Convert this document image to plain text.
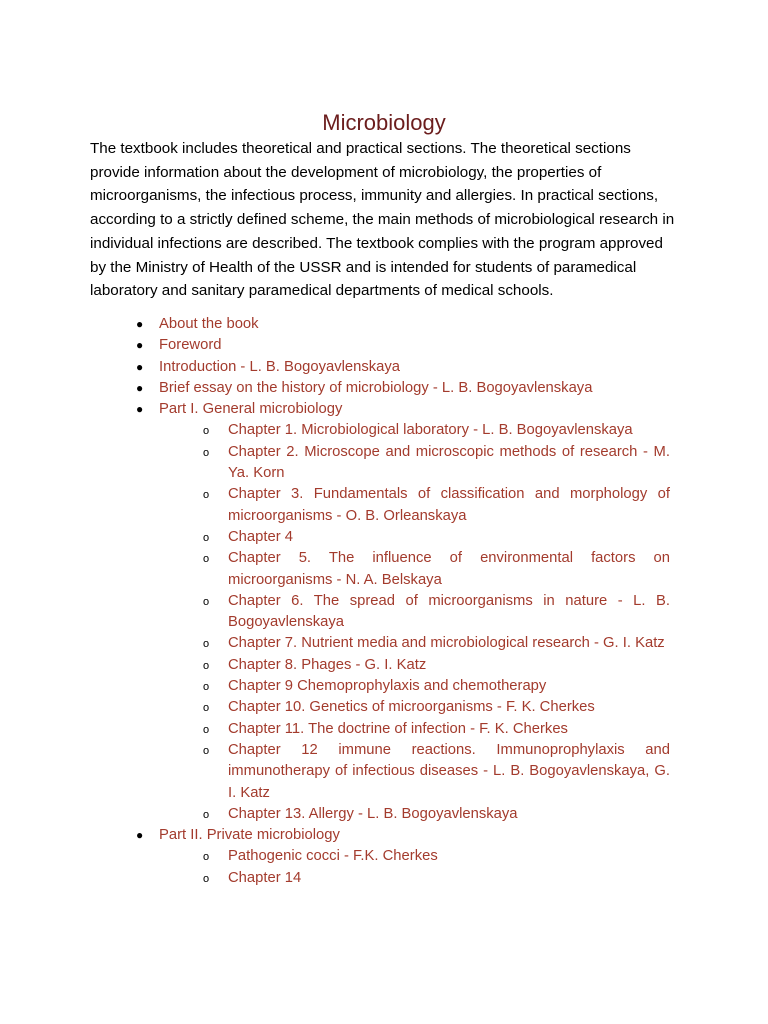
Microbiology

The textbook includes theoretical and practical sections. The theoretical sections provide information about the development of microbiology, the properties of microorganisms, the infectious process, immunity and allergies. In practical sections, according to a strictly defined scheme, the main methods of microbiological research in individual infections are described. The textbook complies with the program approved by the Ministry of Health of the USSR and is intended for students of paramedical laboratory and sanitary paramedical departments of medical schools.

● About the book
● Foreword
● Introduction - L. B. Bogoyavlenskaya
● Brief essay on the history of microbiology - L. B. Bogoyavlenskaya
● Part I. General microbiology
o Chapter 1. Microbiological laboratory - L. B. Bogoyavlenskaya
o Chapter 2. Microscope and microscopic methods of research - M. Ya. Korn
o Chapter 3. Fundamentals of classification and morphology of microorganisms - O. B. Orleanskaya
o Chapter 4
o Chapter 5. The influence of environmental factors on microorganisms - N. A. Belskaya
o Chapter 6. The spread of microorganisms in nature - L. B. Bogoyavlenskaya
o Chapter 7. Nutrient media and microbiological research - G. I. Katz
o Chapter 8. Phages - G. I. Katz
o Chapter 9 Chemoprophylaxis and chemotherapy
o Chapter 10. Genetics of microorganisms - F. K. Cherkes
o Chapter 11. The doctrine of infection - F. K. Cherkes
o Chapter 12 immune reactions. Immunoprophylaxis and immunotherapy of infectious diseases - L. B. Bogoyavlenskaya, G. I. Katz
o Chapter 13. Allergy - L. B. Bogoyavlenskaya
● Part II. Private microbiology
o Pathogenic cocci - F.K. Cherkes
o Chapter 14
